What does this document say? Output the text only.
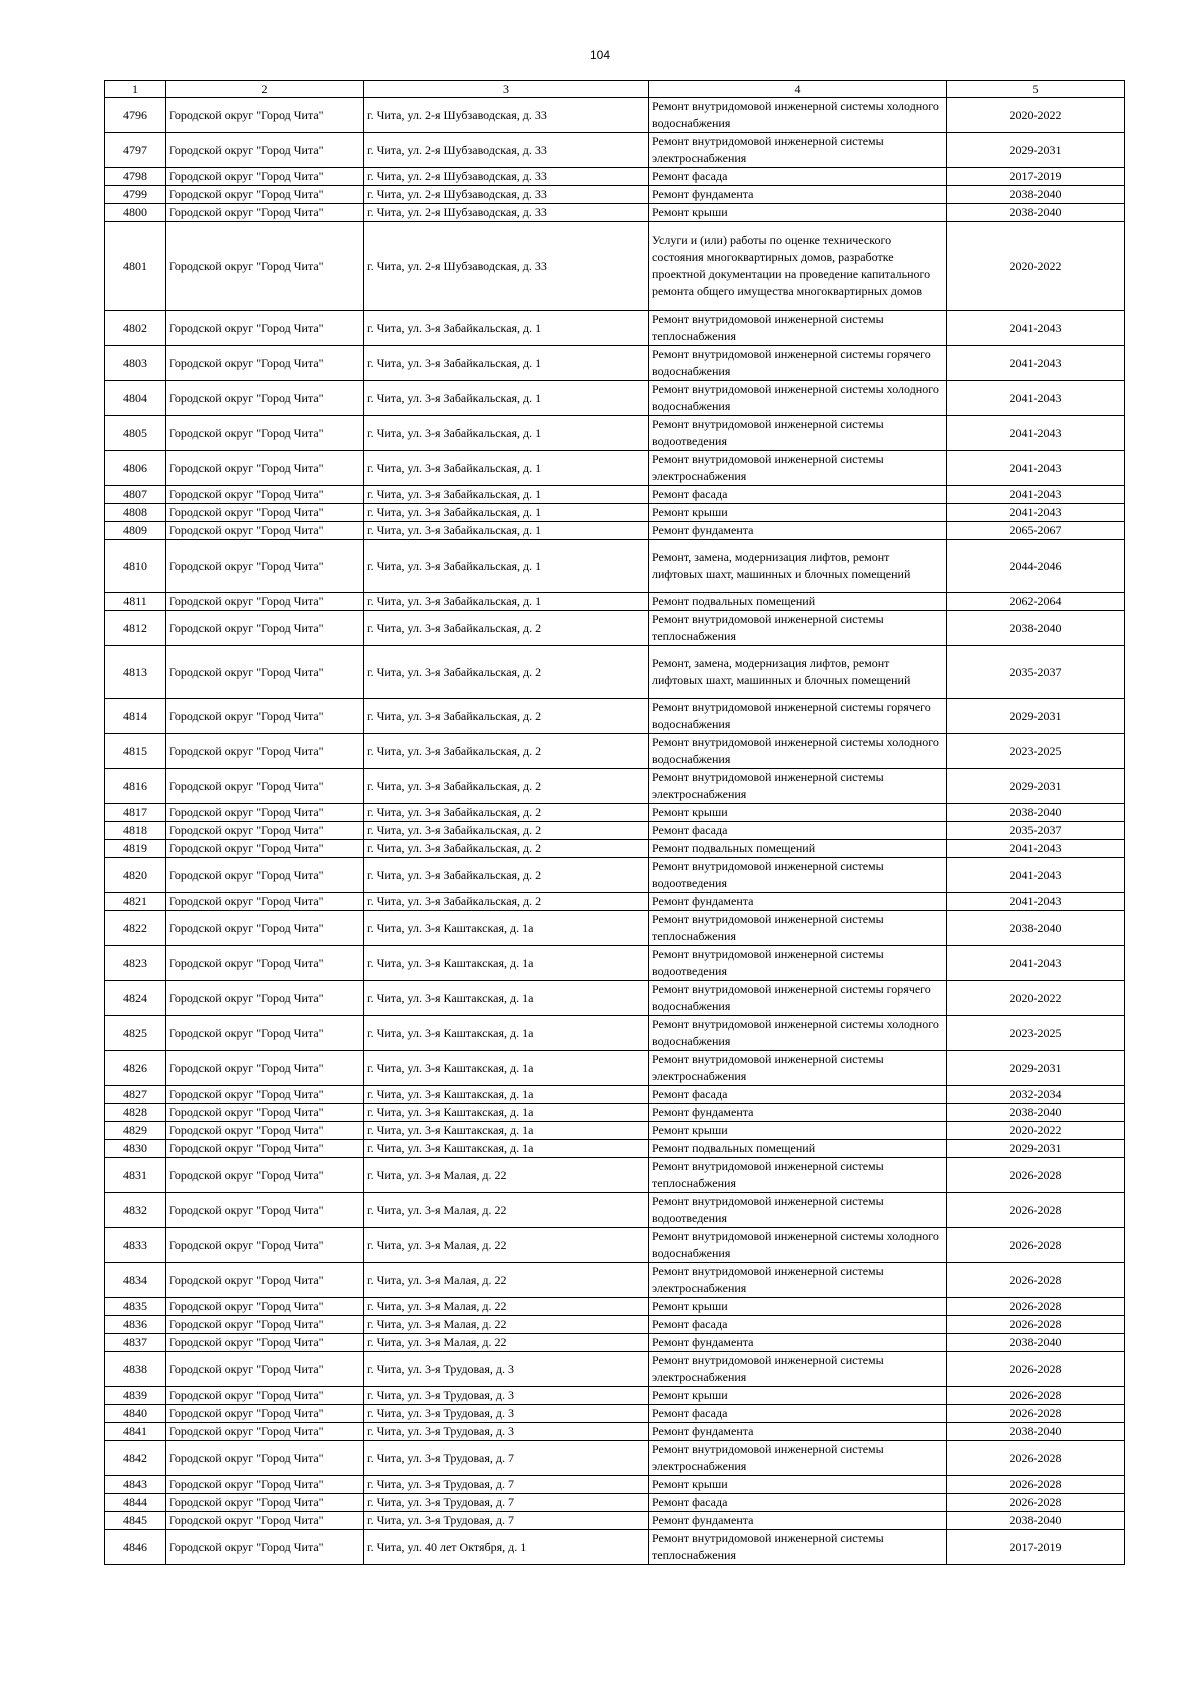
104
1	2	3	4	5
4796	Городской округ "Город Чита"	г. Чита, ул. 2-я Шубзаводская, д. 33	Ремонт внутридомовой инженерной системы холодного водоснабжения	2020-2022
4797	Городской округ "Город Чита"	г. Чита, ул. 2-я Шубзаводская, д. 33	Ремонт внутридомовой инженерной системы электроснабжения	2029-2031
4798	Городской округ "Город Чита"	г. Чита, ул. 2-я Шубзаводская, д. 33	Ремонт фасада	2017-2019
4799	Городской округ "Город Чита"	г. Чита, ул. 2-я Шубзаводская, д. 33	Ремонт фундамента	2038-2040
4800	Городской округ "Город Чита"	г. Чита, ул. 2-я Шубзаводская, д. 33	Ремонт крыши	2038-2040
4801	Городской округ "Город Чита"	г. Чита, ул. 2-я Шубзаводская, д. 33	Услуги и (или) работы по оценке технического состояния многоквартирных домов, разработке проектной документации на проведение капитального ремонта общего имущества многоквартирных домов	2020-2022
4802	Городской округ "Город Чита"	г. Чита, ул. 3-я Забайкальская, д. 1	Ремонт внутридомовой инженерной системы теплоснабжения	2041-2043
4803	Городской округ "Город Чита"	г. Чита, ул. 3-я Забайкальская, д. 1	Ремонт внутридомовой инженерной системы горячего водоснабжения	2041-2043
4804	Городской округ "Город Чита"	г. Чита, ул. 3-я Забайкальская, д. 1	Ремонт внутридомовой инженерной системы холодного водоснабжения	2041-2043
4805	Городской округ "Город Чита"	г. Чита, ул. 3-я Забайкальская, д. 1	Ремонт внутридомовой инженерной системы водоотведения	2041-2043
4806	Городской округ "Город Чита"	г. Чита, ул. 3-я Забайкальская, д. 1	Ремонт внутридомовой инженерной системы электроснабжения	2041-2043
4807	Городской округ "Город Чита"	г. Чита, ул. 3-я Забайкальская, д. 1	Ремонт фасада	2041-2043
4808	Городской округ "Город Чита"	г. Чита, ул. 3-я Забайкальская, д. 1	Ремонт крыши	2041-2043
4809	Городской округ "Город Чита"	г. Чита, ул. 3-я Забайкальская, д. 1	Ремонт фундамента	2065-2067
4810	Городской округ "Город Чита"	г. Чита, ул. 3-я Забайкальская, д. 1	Ремонт, замена, модернизация лифтов, ремонт лифтовых шахт, машинных и блочных помещений	2044-2046
4811	Городской округ "Город Чита"	г. Чита, ул. 3-я Забайкальская, д. 1	Ремонт подвальных помещений	2062-2064
4812	Городской округ "Город Чита"	г. Чита, ул. 3-я Забайкальская, д. 2	Ремонт внутридомовой инженерной системы теплоснабжения	2038-2040
4813	Городской округ "Город Чита"	г. Чита, ул. 3-я Забайкальская, д. 2	Ремонт, замена, модернизация лифтов, ремонт лифтовых шахт, машинных и блочных помещений	2035-2037
4814	Городской округ "Город Чита"	г. Чита, ул. 3-я Забайкальская, д. 2	Ремонт внутридомовой инженерной системы горячего водоснабжения	2029-2031
4815	Городской округ "Город Чита"	г. Чита, ул. 3-я Забайкальская, д. 2	Ремонт внутридомовой инженерной системы холодного водоснабжения	2023-2025
4816	Городской округ "Город Чита"	г. Чита, ул. 3-я Забайкальская, д. 2	Ремонт внутридомовой инженерной системы электроснабжения	2029-2031
4817	Городской округ "Город Чита"	г. Чита, ул. 3-я Забайкальская, д. 2	Ремонт крыши	2038-2040
4818	Городской округ "Город Чита"	г. Чита, ул. 3-я Забайкальская, д. 2	Ремонт фасада	2035-2037
4819	Городской округ "Город Чита"	г. Чита, ул. 3-я Забайкальская, д. 2	Ремонт подвальных помещений	2041-2043
4820	Городской округ "Город Чита"	г. Чита, ул. 3-я Забайкальская, д. 2	Ремонт внутридомовой инженерной системы водоотведения	2041-2043
4821	Городской округ "Город Чита"	г. Чита, ул. 3-я Забайкальская, д. 2	Ремонт фундамента	2041-2043
4822	Городской округ "Город Чита"	г. Чита, ул. 3-я Каштакская, д. 1а	Ремонт внутридомовой инженерной системы теплоснабжения	2038-2040
4823	Городской округ "Город Чита"	г. Чита, ул. 3-я Каштакская, д. 1а	Ремонт внутридомовой инженерной системы водоотведения	2041-2043
4824	Городской округ "Город Чита"	г. Чита, ул. 3-я Каштакская, д. 1а	Ремонт внутридомовой инженерной системы горячего водоснабжения	2020-2022
4825	Городской округ "Город Чита"	г. Чита, ул. 3-я Каштакская, д. 1а	Ремонт внутридомовой инженерной системы холодного водоснабжения	2023-2025
4826	Городской округ "Город Чита"	г. Чита, ул. 3-я Каштакская, д. 1а	Ремонт внутридомовой инженерной системы электроснабжения	2029-2031
4827	Городской округ "Город Чита"	г. Чита, ул. 3-я Каштакская, д. 1а	Ремонт фасада	2032-2034
4828	Городской округ "Город Чита"	г. Чита, ул. 3-я Каштакская, д. 1а	Ремонт фундамента	2038-2040
4829	Городской округ "Город Чита"	г. Чита, ул. 3-я Каштакская, д. 1а	Ремонт крыши	2020-2022
4830	Городской округ "Город Чита"	г. Чита, ул. 3-я Каштакская, д. 1а	Ремонт подвальных помещений	2029-2031
4831	Городской округ "Город Чита"	г. Чита, ул. 3-я Малая, д. 22	Ремонт внутридомовой инженерной системы теплоснабжения	2026-2028
4832	Городской округ "Город Чита"	г. Чита, ул. 3-я Малая, д. 22	Ремонт внутридомовой инженерной системы водоотведения	2026-2028
4833	Городской округ "Город Чита"	г. Чита, ул. 3-я Малая, д. 22	Ремонт внутридомовой инженерной системы холодного водоснабжения	2026-2028
4834	Городской округ "Город Чита"	г. Чита, ул. 3-я Малая, д. 22	Ремонт внутридомовой инженерной системы электроснабжения	2026-2028
4835	Городской округ "Город Чита"	г. Чита, ул. 3-я Малая, д. 22	Ремонт крыши	2026-2028
4836	Городской округ "Город Чита"	г. Чита, ул. 3-я Малая, д. 22	Ремонт фасада	2026-2028
4837	Городской округ "Город Чита"	г. Чита, ул. 3-я Малая, д. 22	Ремонт фундамента	2038-2040
4838	Городской округ "Город Чита"	г. Чита, ул. 3-я Трудовая, д. 3	Ремонт внутридомовой инженерной системы электроснабжения	2026-2028
4839	Городской округ "Город Чита"	г. Чита, ул. 3-я Трудовая, д. 3	Ремонт крыши	2026-2028
4840	Городской округ "Город Чита"	г. Чита, ул. 3-я Трудовая, д. 3	Ремонт фасада	2026-2028
4841	Городской округ "Город Чита"	г. Чита, ул. 3-я Трудовая, д. 3	Ремонт фундамента	2038-2040
4842	Городской округ "Город Чита"	г. Чита, ул. 3-я Трудовая, д. 7	Ремонт внутридомовой инженерной системы электроснабжения	2026-2028
4843	Городской округ "Город Чита"	г. Чита, ул. 3-я Трудовая, д. 7	Ремонт крыши	2026-2028
4844	Городской округ "Город Чита"	г. Чита, ул. 3-я Трудовая, д. 7	Ремонт фасада	2026-2028
4845	Городской округ "Город Чита"	г. Чита, ул. 3-я Трудовая, д. 7	Ремонт фундамента	2038-2040
4846	Городской округ "Город Чита"	г. Чита, ул. 40 лет Октября, д. 1	Ремонт внутридомовой инженерной системы теплоснабжения	2017-2019
